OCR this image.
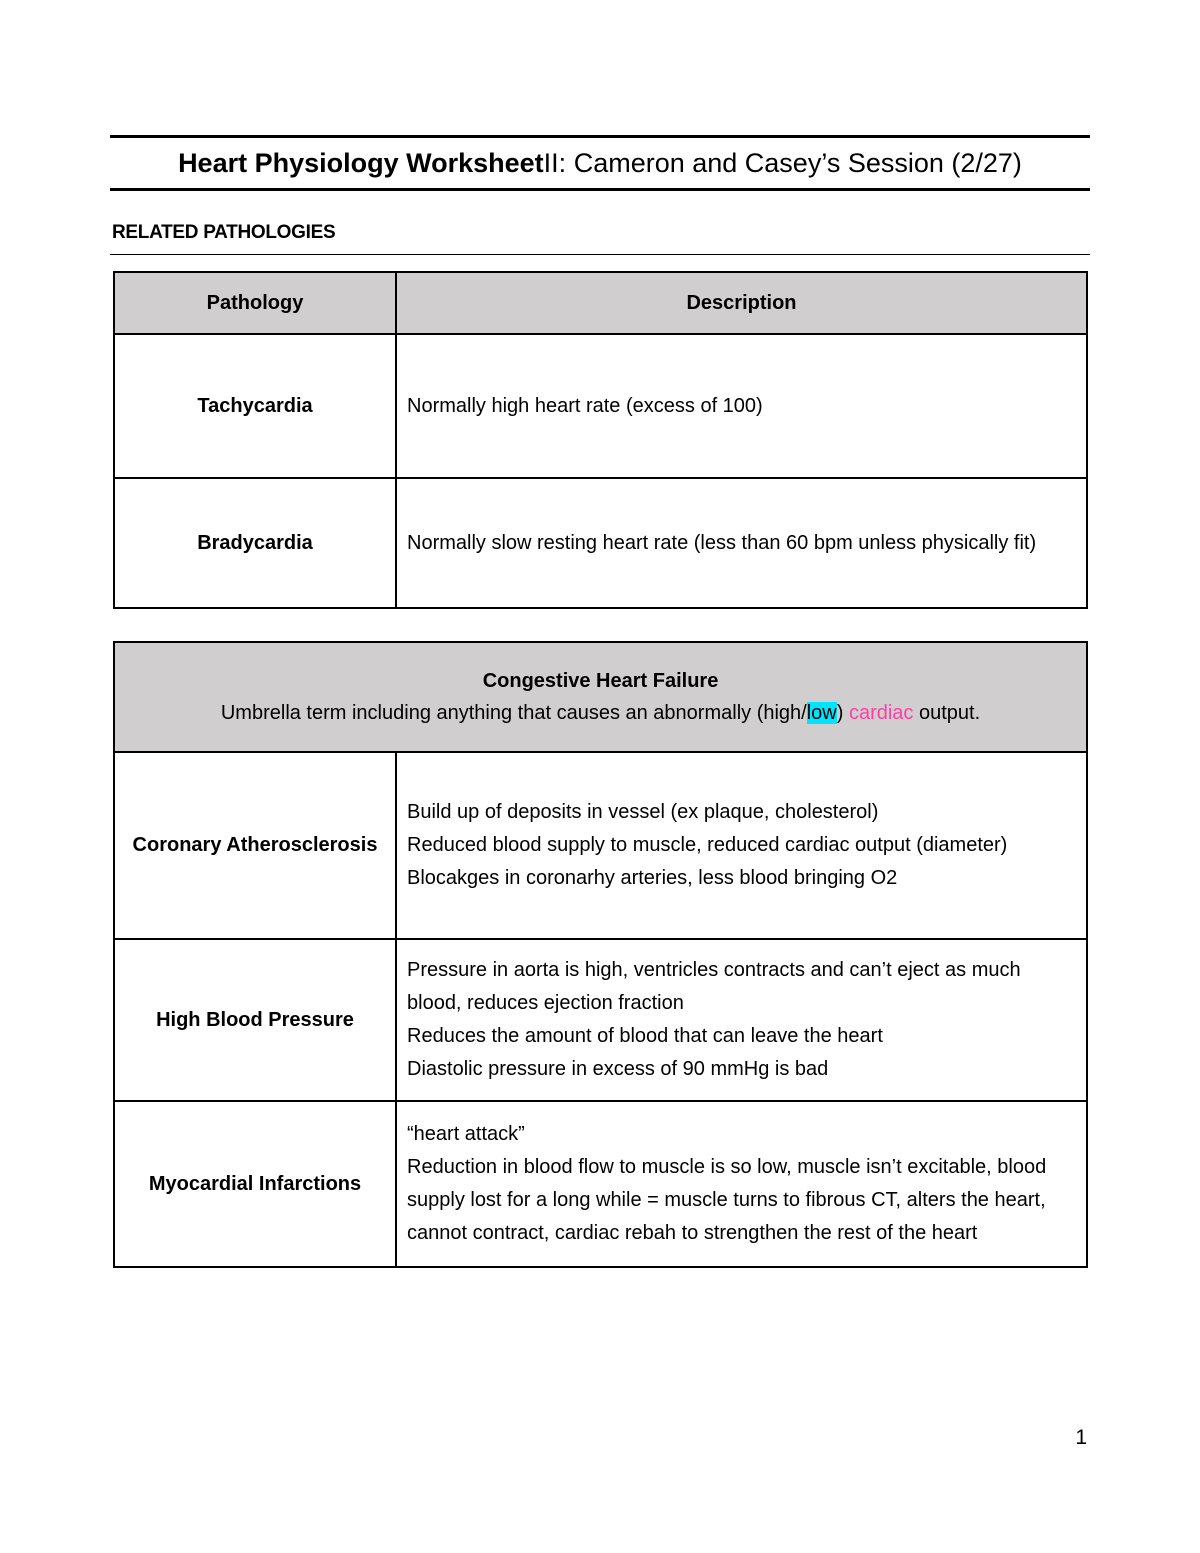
Heart Physiology Worksheet II: Cameron and Casey’s Session (2/27)
RELATED PATHOLOGIES
Pathology	Description
Tachycardia	Normally high heart rate (excess of 100)

Bradycardia	Normally slow resting heart rate (less than 60 bpm unless physically fit)
Congestive Heart Failure
Umbrella term including anything that causes an abnormally (high/low) cardiac output.	
Coronary Atherosclerosis	Build up of deposits in vessel (ex plaque, cholesterol)
Reduced blood supply to muscle, reduced cardiac output (diameter)
Blocakges in coronarhy arteries, less blood bringing O2

High Blood Pressure	Pressure in aorta is high, ventricles contracts and can’t eject as much blood, reduces ejection fraction
Reduces the amount of blood that can leave the heart
Diastolic pressure in excess of 90 mmHg is bad

Myocardial Infarctions	“heart attack”
Reduction in blood flow to muscle is so low, muscle isn’t excitable, blood supply lost for a long while = muscle turns to fibrous CT, alters the heart, cannot contract, cardiac rebah to strengthen the rest of the heart
1
